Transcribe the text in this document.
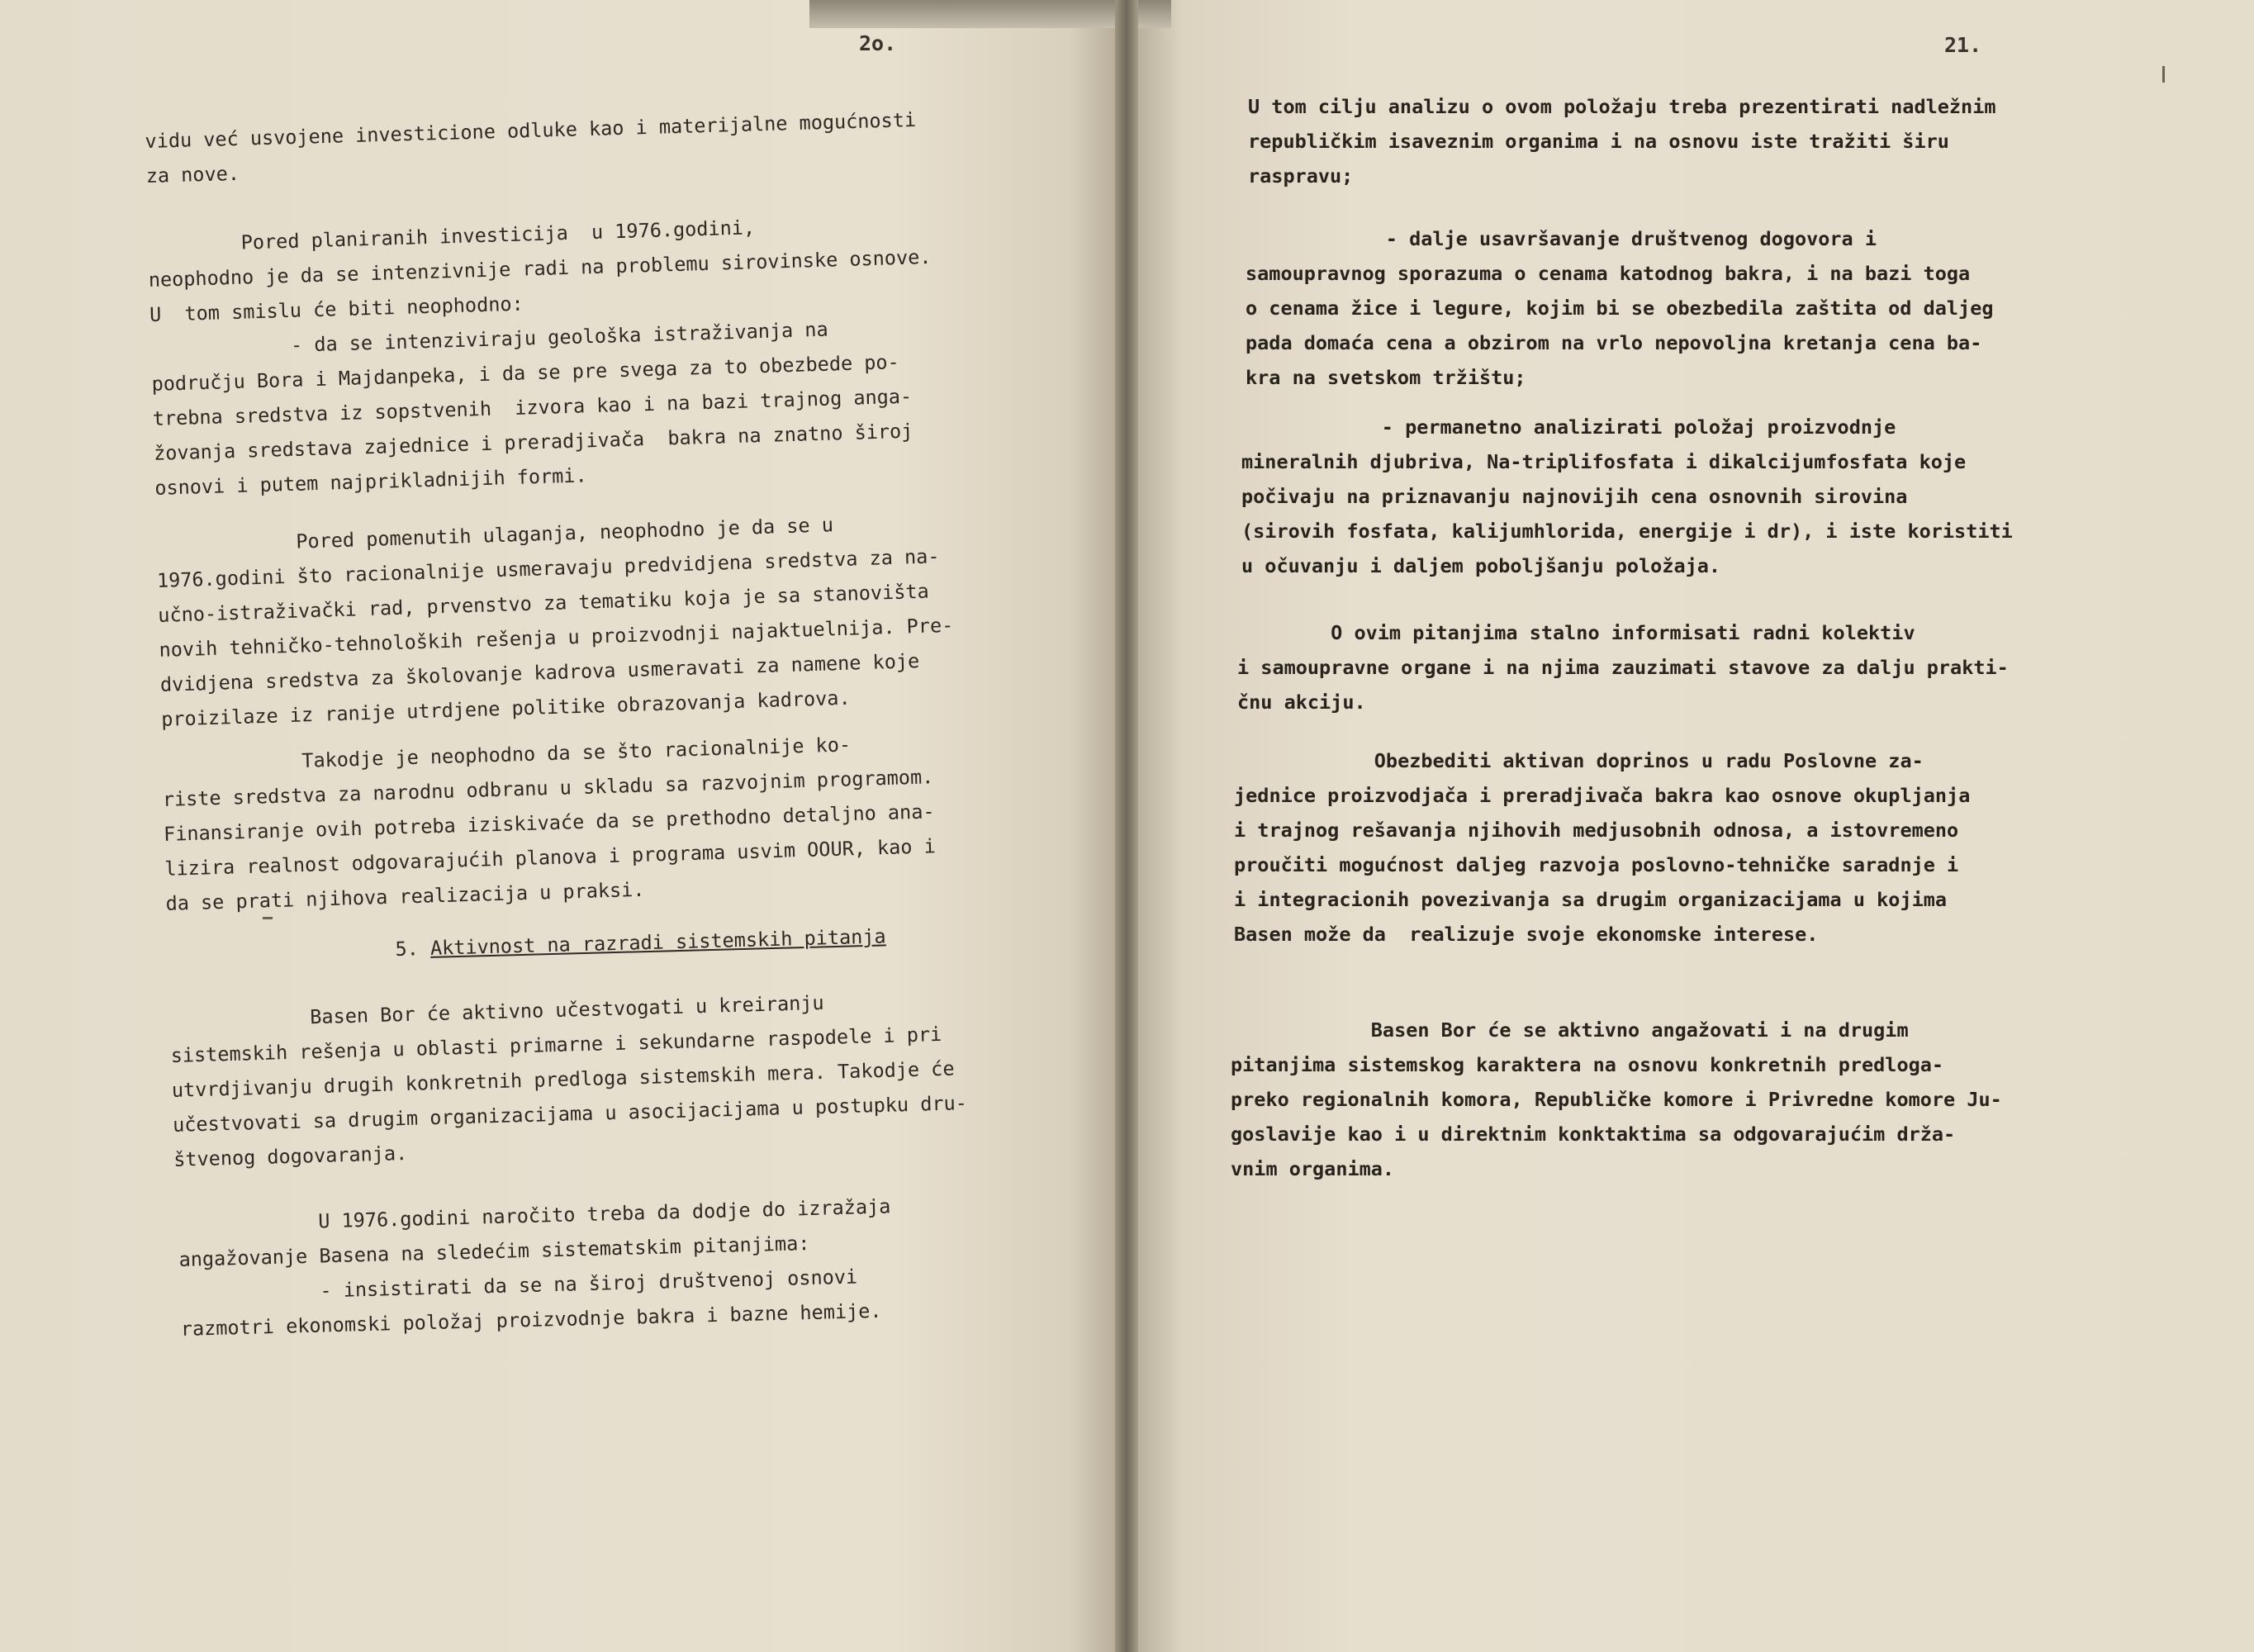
2o.

vidu već usvojene investicione odluke kao i materijalne mogućnosti

za nove.

Pored planiranih investicija  u 1976.godini,

neophodno je da se intenzivnije radi na problemu sirovinske osnove.

U  tom smislu će biti neophodno:

- da se intenziviraju geološka istraživanja na

području Bora i Majdanpeka, i da se pre svega za to obezbede po-

trebna sredstva iz sopstvenih  izvora kao i na bazi trajnog anga-

žovanja sredstava zajednice i preradjivača  bakra na znatno široj

osnovi i putem najprikladnijih formi.

Pored pomenutih ulaganja, neophodno je da se u

1976.godini što racionalnije usmeravaju predvidjena sredstva za na-

učno-istraživački rad, prvenstvo za tematiku koja je sa stanovišta

novih tehničko-tehnoloških rešenja u proizvodnji najaktuelnija. Pre-

dvidjena sredstva za školovanje kadrova usmeravati za namene koje

proizilaze iz ranije utrdjene politike obrazovanja kadrova.

Takodje je neophodno da se što racionalnije ko-

riste sredstva za narodnu odbranu u skladu sa razvojnim programom.

Finansiranje ovih potreba iziskivaće da se prethodno detaljno ana-

lizira realnost odgovarajućih planova i programa usvim OOUR, kao i

da se prati njihova realizacija u praksi.

5. Aktivnost na razradi sistemskih pitanja

Basen Bor će aktivno učestvogati u kreiranju

sistemskih rešenja u oblasti primarne i sekundarne raspodele i pri

utvrdjivanju drugih konkretnih predloga sistemskih mera. Takodje će

učestvovati sa drugim organizacijama u asocijacijama u postupku dru-

štvenog dogovaranja.

U 1976.godini naročito treba da dodje do izražaja

angažovanje Basena na sledećim sistematskim pitanjima:

- insistirati da se na široj društvenoj osnovi

razmotri ekonomski položaj proizvodnje bakra i bazne hemije.

21.

U tom cilju analizu o ovom položaju treba prezentirati nadležnim

republičkim isaveznim organima i na osnovu iste tražiti širu

raspravu;

- dalje usavršavanje društvenog dogovora i

samoupravnog sporazuma o cenama katodnog bakra, i na bazi toga

o cenama žice i legure, kojim bi se obezbedila zaštita od daljeg

pada domaća cena a obzirom na vrlo nepovoljna kretanja cena ba-

kra na svetskom tržištu;

- permanetno analizirati položaj proizvodnje

mineralnih djubriva, Na-triplifosfata i dikalcijumfosfata koje

počivaju na priznavanju najnovijih cena osnovnih sirovina

(sirovih fosfata, kalijumhlorida, energije i dr), i iste koristiti

u očuvanju i daljem poboljšanju položaja.

O ovim pitanjima stalno informisati radni kolektiv

i samoupravne organe i na njima zauzimati stavove za dalju prakti-

čnu akciju.

Obezbediti aktivan doprinos u radu Poslovne za-

jednice proizvodjača i preradjivača bakra kao osnove okupljanja

i trajnog rešavanja njihovih medjusobnih odnosa, a istovremeno

proučiti mogućnost daljeg razvoja poslovno-tehničke saradnje i

i integracionih povezivanja sa drugim organizacijama u kojima

Basen može da  realizuje svoje ekonomske interese.

Basen Bor će se aktivno angažovati i na drugim

pitanjima sistemskog karaktera na osnovu konkretnih predloga-

preko regionalnih komora, Republičke komore i Privredne komore Ju-

goslavije kao i u direktnim konktaktima sa odgovarajućim drža-

vnim organima.
